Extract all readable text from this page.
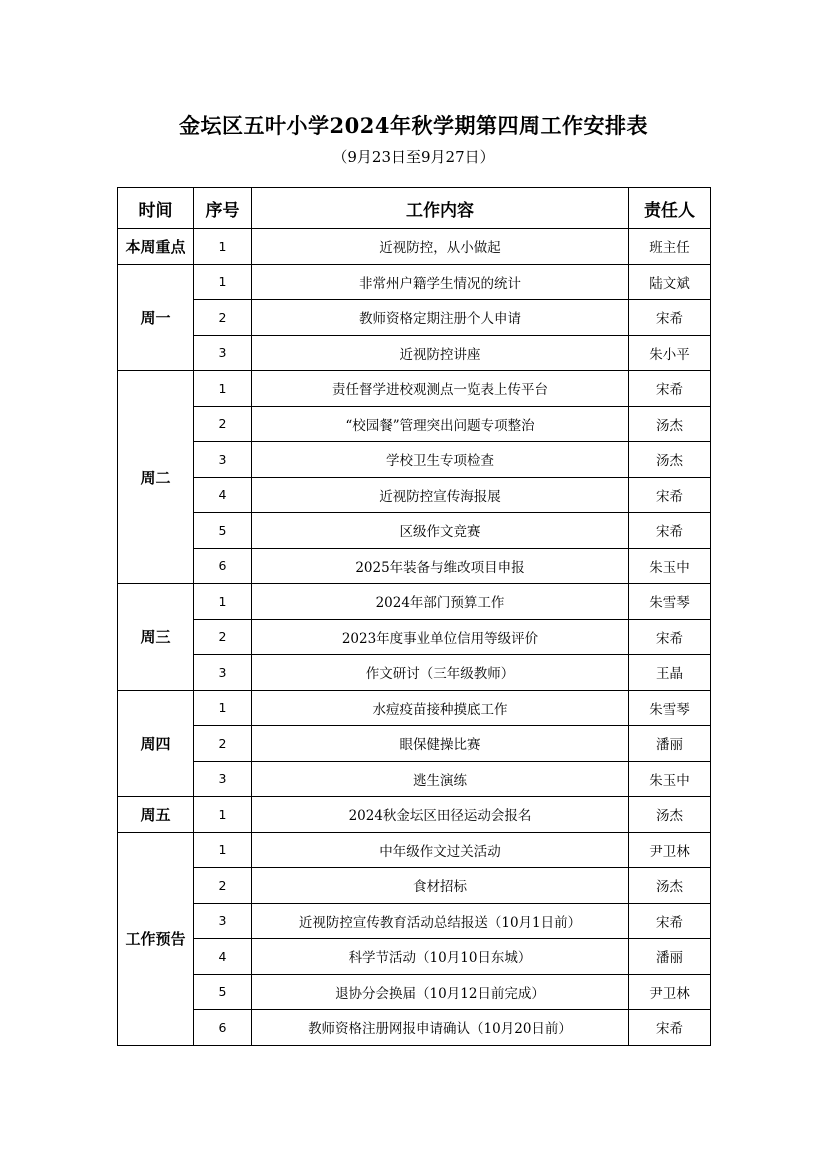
金坛区五叶小学2024年秋学期第四周工作安排表
（9月23日至9月27日）
时间	序号	工作内容	责任人
本周重点	1	近视防控，从小做起	班主任
周一	1	非常州户籍学生情况的统计	陆文斌
	2	教师资格定期注册个人申请	宋希
	3	近视防控讲座	朱小平
周二	1	责任督学进校观测点一览表上传平台	宋希
	2	“校园餐”管理突出问题专项整治	汤杰
	3	学校卫生专项检查	汤杰
	4	近视防控宣传海报展	宋希
	5	区级作文竞赛	宋希
	6	2025年装备与维改项目申报	朱玉中
周三	1	2024年部门预算工作	朱雪琴
	2	2023年度事业单位信用等级评价	宋希
	3	作文研讨（三年级教师）	王晶
周四	1	水痘疫苗接种摸底工作	朱雪琴
	2	眼保健操比赛	潘丽
	3	逃生演练	朱玉中
周五	1	2024秋金坛区田径运动会报名	汤杰
工作预告	1	中年级作文过关活动	尹卫林
	2	食材招标	汤杰
	3	近视防控宣传教育活动总结报送（10月1日前）	宋希
	4	科学节活动（10月10日东城）	潘丽
	5	退协分会换届（10月12日前完成）	尹卫林
	6	教师资格注册网报申请确认（10月20日前）	宋希
